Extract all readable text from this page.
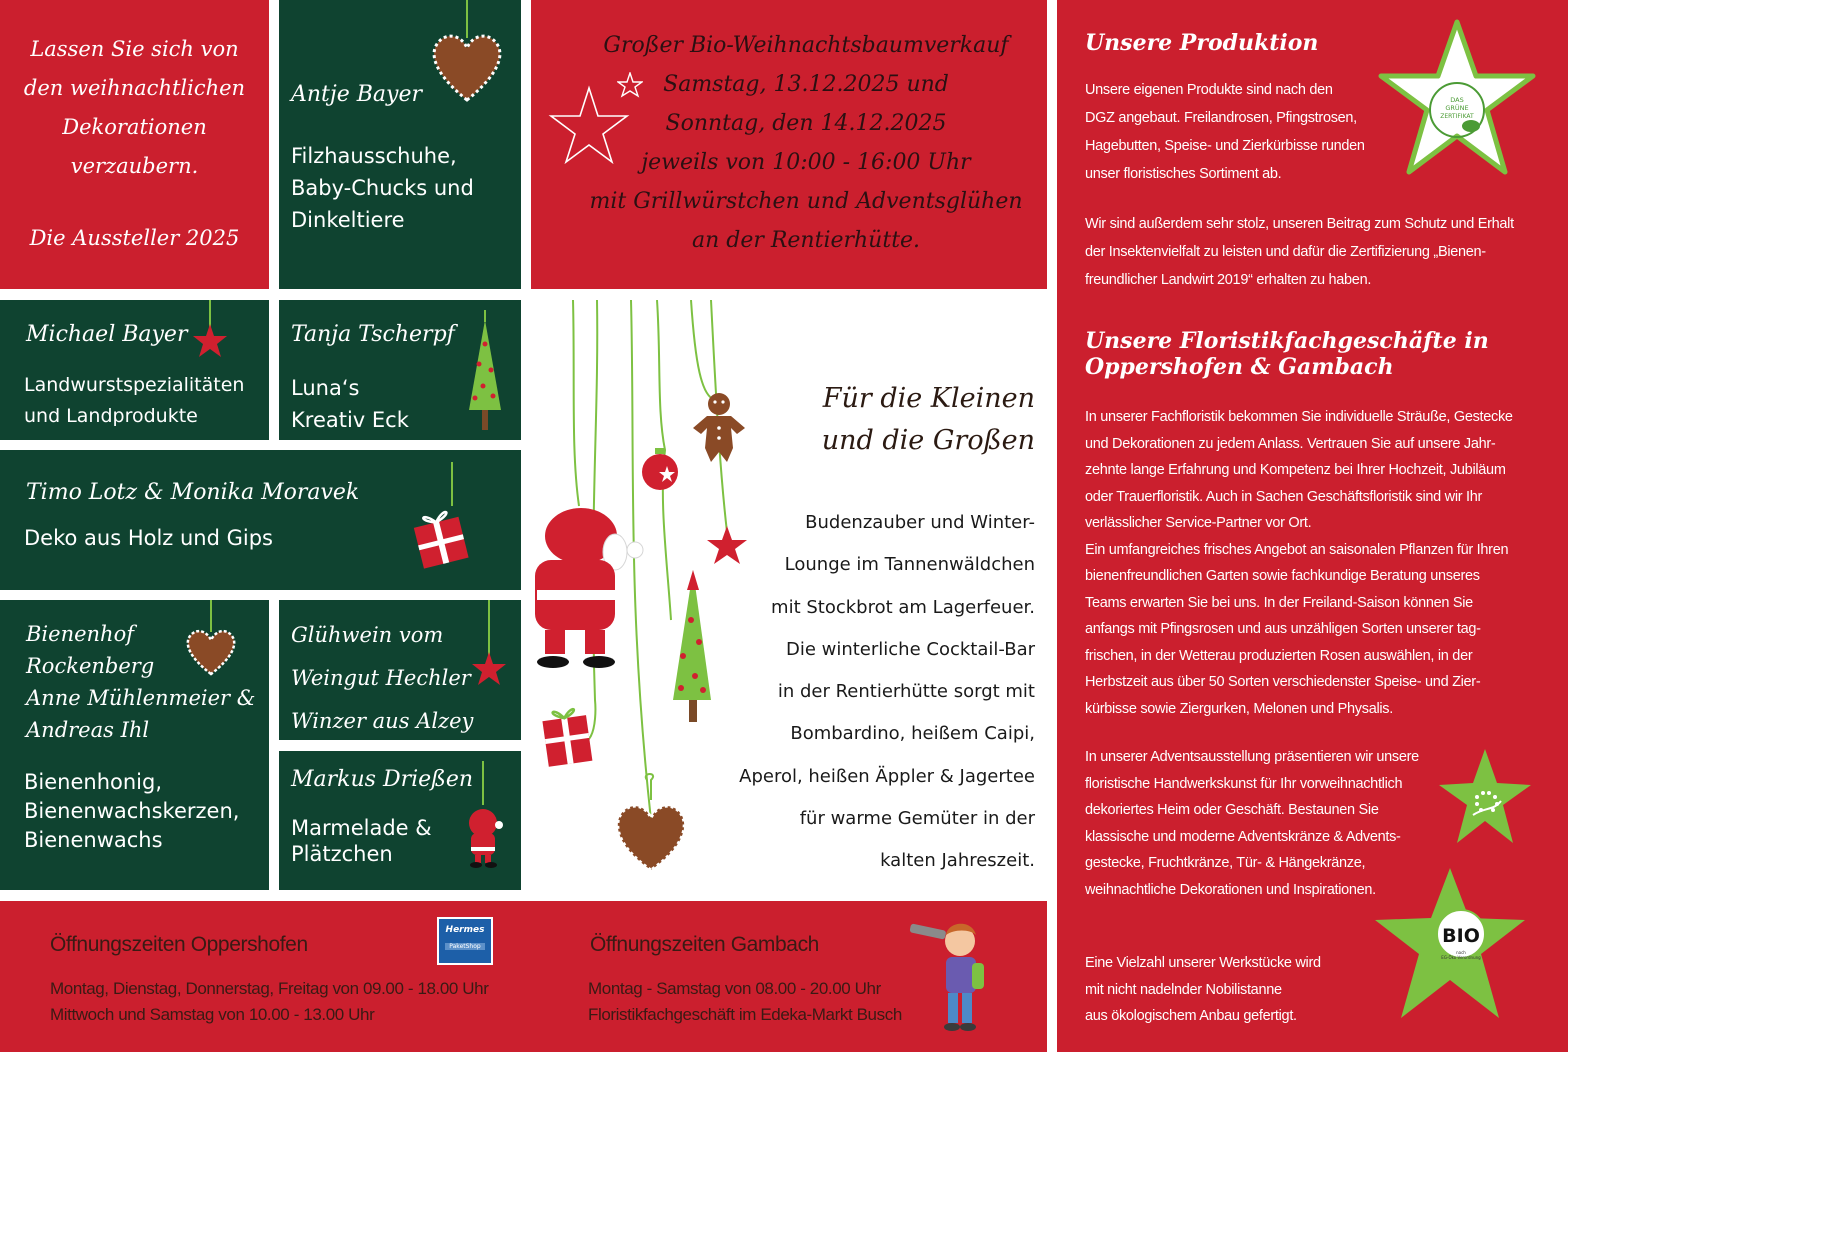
Lassen Sie sich von
den weihnachtlichen
Dekorationen
verzaubern.
Die Aussteller 2025
Antje Bayer
Filzhausschuhe,
Baby-Chucks und
Dinkeltiere
Großer Bio-Weihnachtsbaumverkauf
Samstag, 13.12.2025 und
Sonntag, den 14.12.2025
jeweils von 10:00 - 16:00 Uhr
mit Grillwürstchen und Adventsglühen
an der Rentierhütte.
Unsere Produktion
Unsere eigenen Produkte sind nach den
DGZ angebaut. Freilandrosen, Pfingstrosen,
Hagebutten, Speise- und Zierkürbisse runden
unser floristisches Sortiment ab.
Wir sind außerdem sehr stolz, unseren Beitrag zum Schutz und Erhalt
der Insektenvielfalt zu leisten und dafür die Zertifizierung „Bienen-
freundlicher Landwirt 2019“ erhalten zu haben.
DAS
GRÜNE
ZERTIFIKAT
Unsere Floristikfachgeschäfte in
Oppershofen & Gambach
In unserer Fachfloristik bekommen Sie individuelle Sträuße, Gestecke
und Dekorationen zu jedem Anlass. Vertrauen Sie auf unsere Jahr-
zehnte lange Erfahrung und Kompetenz bei Ihrer Hochzeit, Jubiläum
oder Trauerfloristik. Auch in Sachen Geschäftsfloristik sind wir Ihr
verlässlicher Service-Partner vor Ort.
Ein umfangreiches frisches Angebot an saisonalen Pflanzen für Ihren
bienenfreundlichen Garten sowie fachkundige Beratung unseres
Teams erwarten Sie bei uns. In der Freiland-Saison können Sie
anfangs mit Pfingsrosen und aus unzähligen Sorten unserer tag-
frischen, in der Wetterau produzierten Rosen auswählen, in der
Herbstzeit aus über 50 Sorten verschiedenster Speise- und Zier-
kürbisse sowie Ziergurken, Melonen und Physalis.
In unserer Adventsausstellung präsentieren wir unsere
floristische Handwerkskunst für Ihr vorweihnachtlich
dekoriertes Heim oder Geschäft. Bestaunen Sie
klassische und moderne Adventskränze & Advents-
gestecke, Fruchtkränze, Tür- & Hängekränze,
weihnachtliche Dekorationen und Inspirationen.
Eine Vielzahl unserer Werkstücke wird
mit nicht nadelnder Nobilistanne
aus ökologischem Anbau gefertigt.
BIO
nach
EG-Öko-Verordnung
Michael Bayer
Landwurstspezialitäten
und Landprodukte
Tanja Tscherpf
Luna‘s
Kreativ Eck
Timo Lotz & Monika Moravek
Deko aus Holz und Gips
Bienenhof
Rockenberg
Anne Mühlenmeier &
Andreas Ihl
Bienenhonig,
Bienenwachskerzen,
Bienenwachs
Glühwein vom
Weingut Hechler
Winzer aus Alzey
Markus Drießen
Marmelade &
Plätzchen
Für die Kleinen
und die Großen
Budenzauber und Winter-
Lounge im Tannenwäldchen
mit Stockbrot am Lagerfeuer.
Die winterliche Cocktail-Bar
in der Rentierhütte sorgt mit
Bombardino, heißem Caipi,
Aperol, heißen Äppler & Jagertee
für warme Gemüter in der
kalten Jahreszeit.
Öffnungszeiten Oppershofen
Montag, Dienstag, Donnerstag, Freitag von 09.00 - 18.00 Uhr
Mittwoch und Samstag von 10.00 - 13.00 Uhr
Hermes
PaketShop	Öffnungszeiten Gambach
Montag - Samstag von 08.00 - 20.00 Uhr
Floristikfachgeschäft im Edeka-Markt Busch
